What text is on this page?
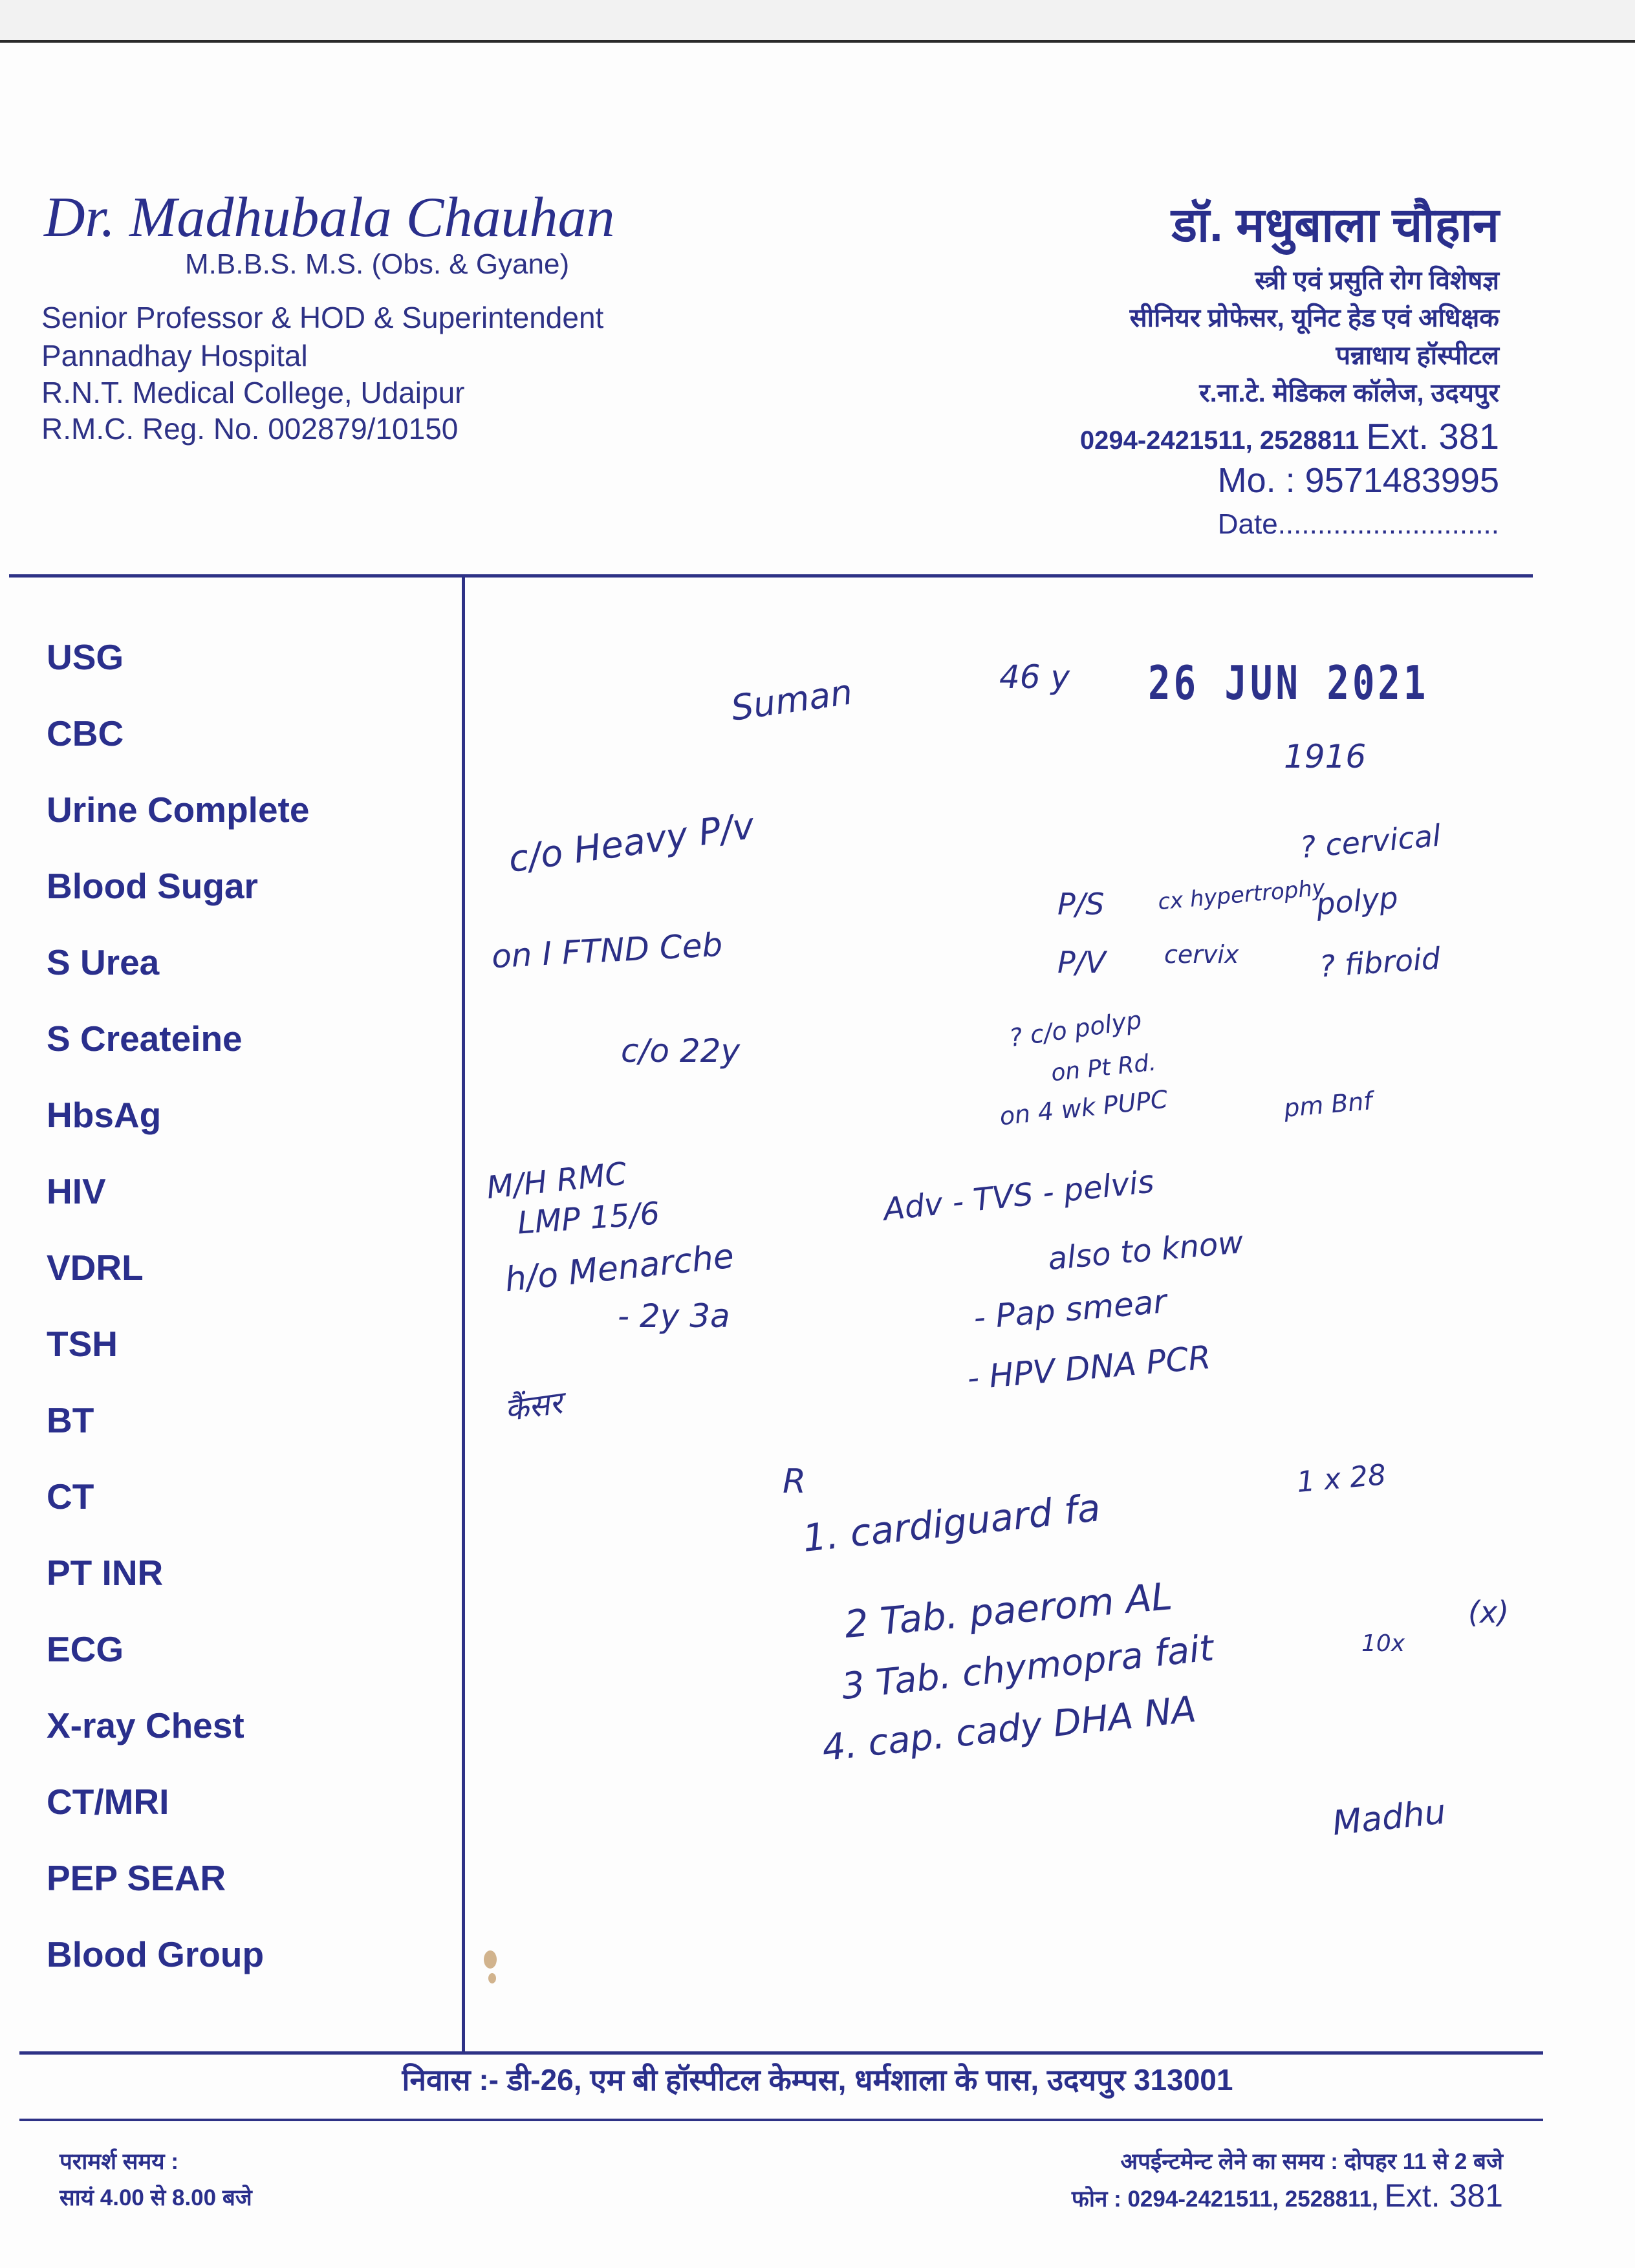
Dr. Madhubala Chauhan
M.B.B.S. M.S. (Obs. & Gyane)
Senior Professor & HOD & Superintendent
Pannadhay Hospital
R.N.T. Medical College, Udaipur
R.M.C. Reg. No. 002879/10150
डॉ. मधुबाला चौहान
स्त्री एवं प्रसुति रोग विशेषज्ञ
सीनियर प्रोफेसर, यूनिट हेड एवं अधिक्षक
पन्नाधाय हॉस्पीटल
र.ना.टे. मेडिकल कॉलेज, उदयपुर
0294-2421511, 2528811 Ext. 381
Mo. : 9571483995
Date............................
USG
CBC
Urine Complete
Blood Sugar
S Urea
S Createine
HbsAg
HIV
VDRL
TSH
BT
CT
PT INR
ECG
X-ray Chest
CT/MRI
PEP SEAR
Blood Group
26 JUN 2021
Suman	46 y
1916
c/o Heavy P/v
on I FTND Ceb
c/o 22y
M/H RMC
LMP 15/6
h/o Menarche
- 2y 3a
कैंसर
P/S
P/V
cx hypertrophy
cervix
? cervical
polyp
? fibroid
? c/o polyp
on Pt Rd.
on 4 wk PUPC	pm Bnf
Adv - TVS - pelvis
also to know
- Pap smear
- HPV DNA PCR
R
1. cardiguard fa
1 x 28
2 Tab. paerom AL
3 Tab. chymopra fait	10x
4. cap. cady DHA NA
(x)
Madhu
निवास :- डी-26, एम बी हॉस्पीटल केम्पस, धर्मशाला के पास, उदयपुर 313001
परामर्श समय :
सायं 4.00 से 8.00 बजे
अपईन्टमेन्ट लेने का समय : दोपहर 11 से 2 बजे
फोन : 0294-2421511, 2528811, Ext. 381
